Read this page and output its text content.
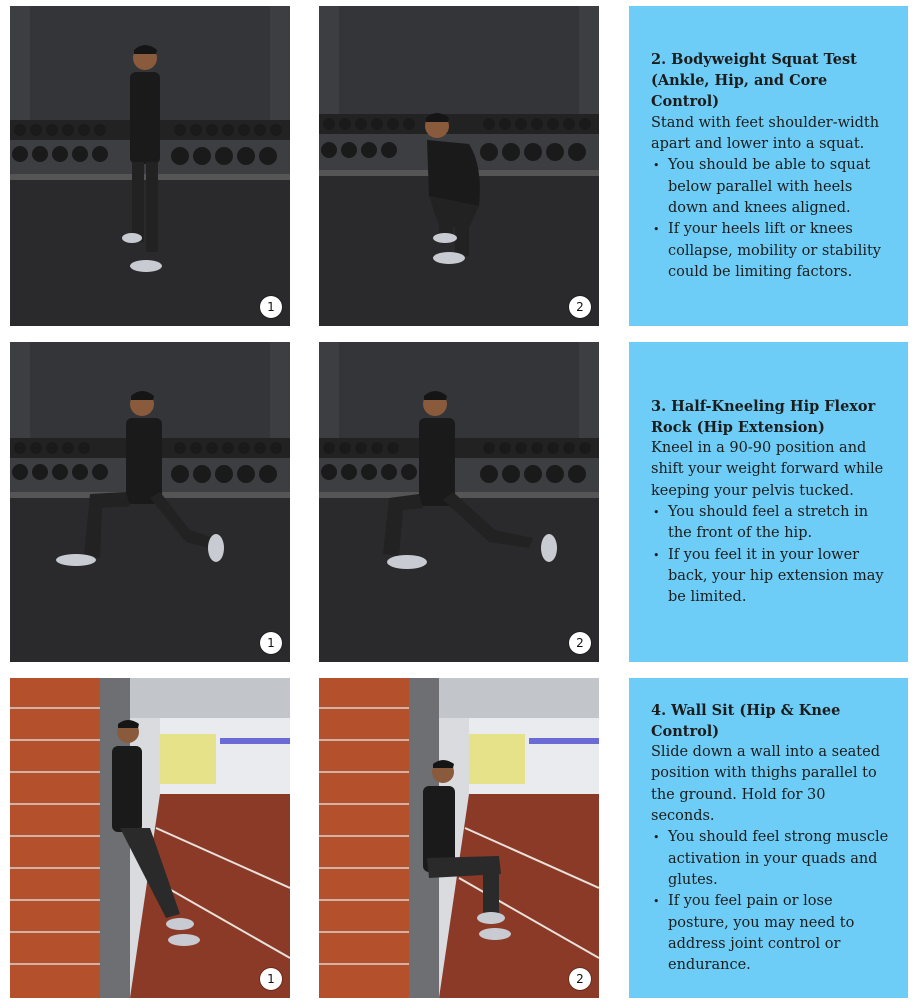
1	2

2. Bodyweight Squat Test (Ankle, Hip, and Core Control)

Stand with feet shoulder-width apart and lower into a squat.

• You should be able to squat below parallel with heels down and knees aligned.
• If your heels lift or knees collapse, mobility or stability could be limiting factors.
1	2

3. Half-Kneeling Hip Flexor Rock (Hip Extension)

Kneel in a 90-90 position and shift your weight forward while keeping your pelvis tucked.

• You should feel a stretch in the front of the hip.
• If you feel it in your lower back, your hip extension may be limited.
1	2

4. Wall Sit (Hip & Knee Control)

Slide down a wall into a seated position with thighs parallel to the ground. Hold for 30 seconds.

• You should feel strong muscle activation in your quads and glutes.
• If you feel pain or lose posture, you may need to address joint control or endurance.
